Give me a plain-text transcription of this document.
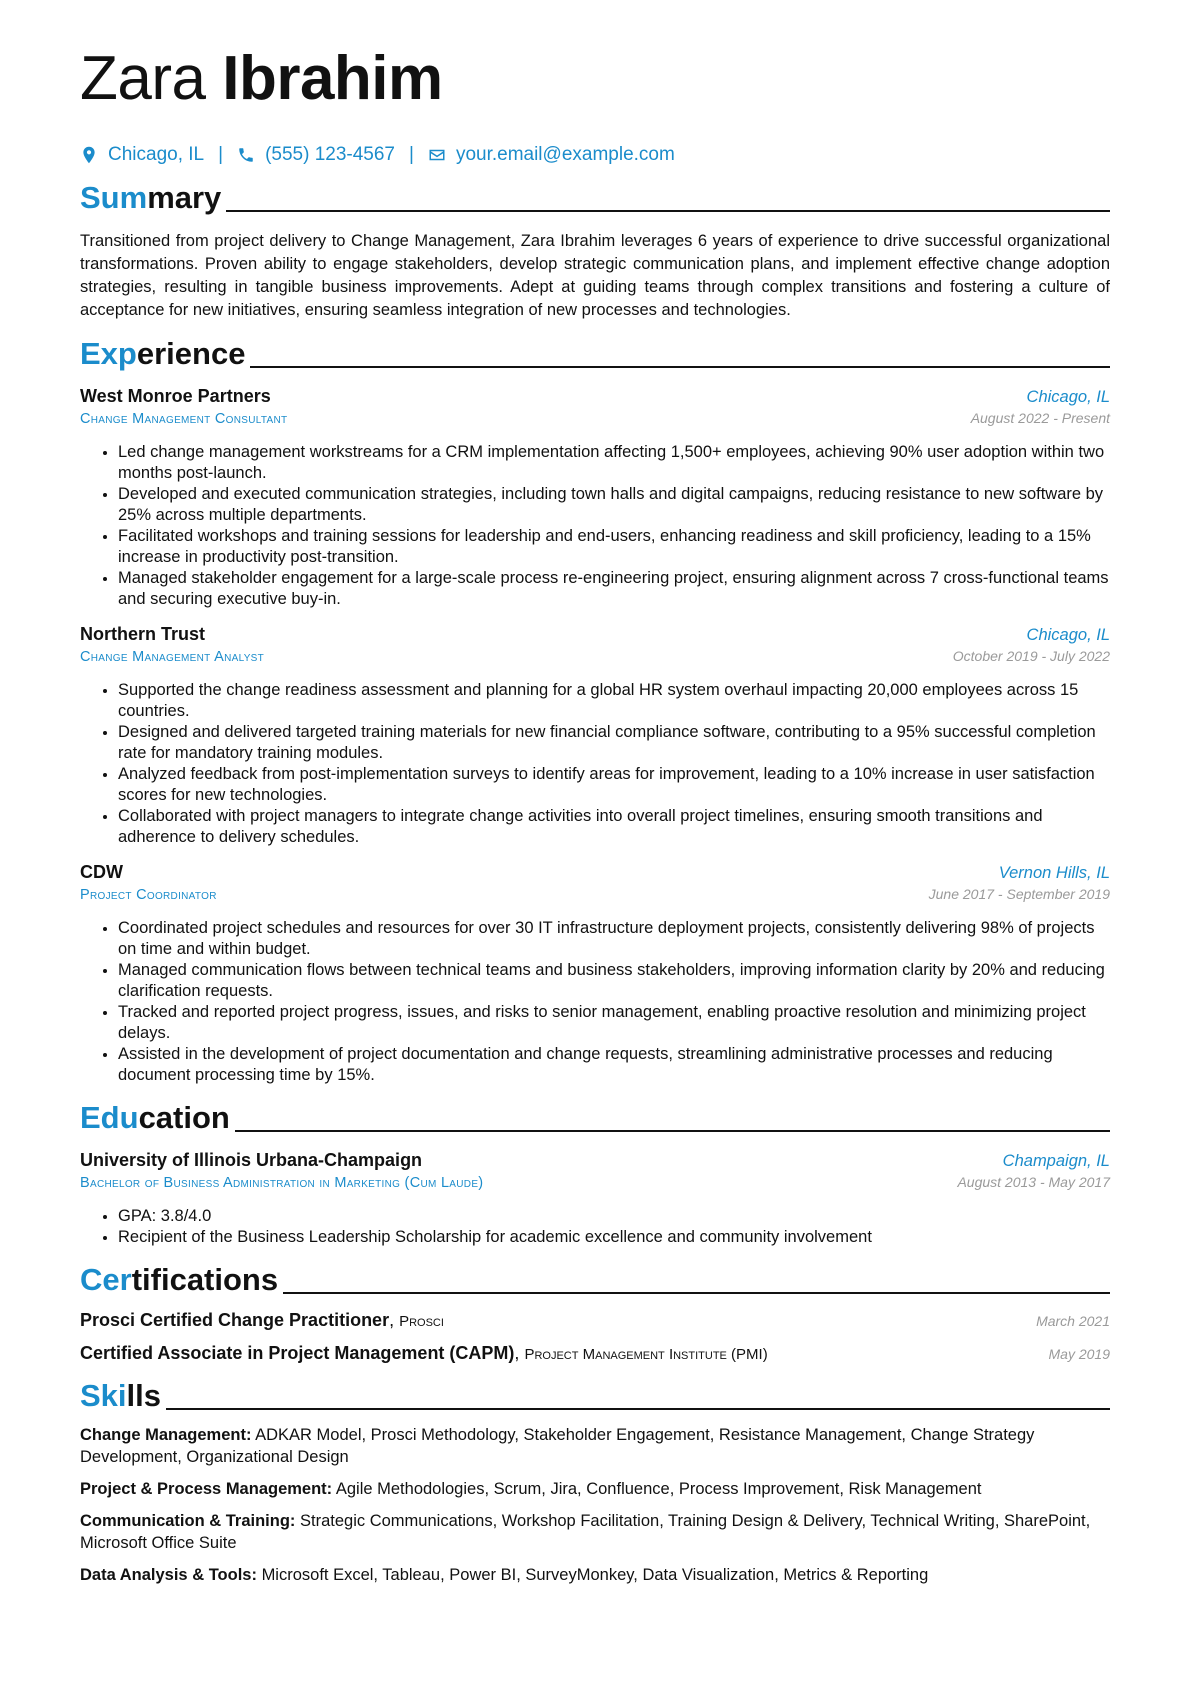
Zara Ibrahim
Chicago, IL | (555) 123-4567 | your.email@example.com
Summary
Transitioned from project delivery to Change Management, Zara Ibrahim leverages 6 years of experience to drive successful organizational transformations. Proven ability to engage stakeholders, develop strategic communication plans, and implement effective change adoption strategies, resulting in tangible business improvements. Adept at guiding teams through complex transitions and fostering a culture of acceptance for new initiatives, ensuring seamless integration of new processes and technologies.
Experience
West Monroe Partners	Chicago, IL
Change Management Consultant	August 2022 - Present
• Led change management workstreams for a CRM implementation affecting 1,500+ employees, achieving 90% user adoption within two months post-launch.
• Developed and executed communication strategies, including town halls and digital campaigns, reducing resistance to new software by 25% across multiple departments.
• Facilitated workshops and training sessions for leadership and end-users, enhancing readiness and skill proficiency, leading to a 15% increase in productivity post-transition.
• Managed stakeholder engagement for a large-scale process re-engineering project, ensuring alignment across 7 cross-functional teams and securing executive buy-in.
Northern Trust	Chicago, IL
Change Management Analyst	October 2019 - July 2022
• Supported the change readiness assessment and planning for a global HR system overhaul impacting 20,000 employees across 15 countries.
• Designed and delivered targeted training materials for new financial compliance software, contributing to a 95% successful completion rate for mandatory training modules.
• Analyzed feedback from post-implementation surveys to identify areas for improvement, leading to a 10% increase in user satisfaction scores for new technologies.
• Collaborated with project managers to integrate change activities into overall project timelines, ensuring smooth transitions and adherence to delivery schedules.
CDW	Vernon Hills, IL
Project Coordinator	June 2017 - September 2019
• Coordinated project schedules and resources for over 30 IT infrastructure deployment projects, consistently delivering 98% of projects on time and within budget.
• Managed communication flows between technical teams and business stakeholders, improving information clarity by 20% and reducing clarification requests.
• Tracked and reported project progress, issues, and risks to senior management, enabling proactive resolution and minimizing project delays.
• Assisted in the development of project documentation and change requests, streamlining administrative processes and reducing document processing time by 15%.
Education
University of Illinois Urbana-Champaign	Champaign, IL
Bachelor of Business Administration in Marketing (Cum Laude)	August 2013 - May 2017
• GPA: 3.8/4.0
• Recipient of the Business Leadership Scholarship for academic excellence and community involvement
Certifications
Prosci Certified Change Practitioner, Prosci	March 2021
Certified Associate in Project Management (CAPM), Project Management Institute (PMI)	May 2019
Skills
Change Management: ADKAR Model, Prosci Methodology, Stakeholder Engagement, Resistance Management, Change Strategy Development, Organizational Design
Project & Process Management: Agile Methodologies, Scrum, Jira, Confluence, Process Improvement, Risk Management
Communication & Training: Strategic Communications, Workshop Facilitation, Training Design & Delivery, Technical Writing, SharePoint, Microsoft Office Suite
Data Analysis & Tools: Microsoft Excel, Tableau, Power BI, SurveyMonkey, Data Visualization, Metrics & Reporting
